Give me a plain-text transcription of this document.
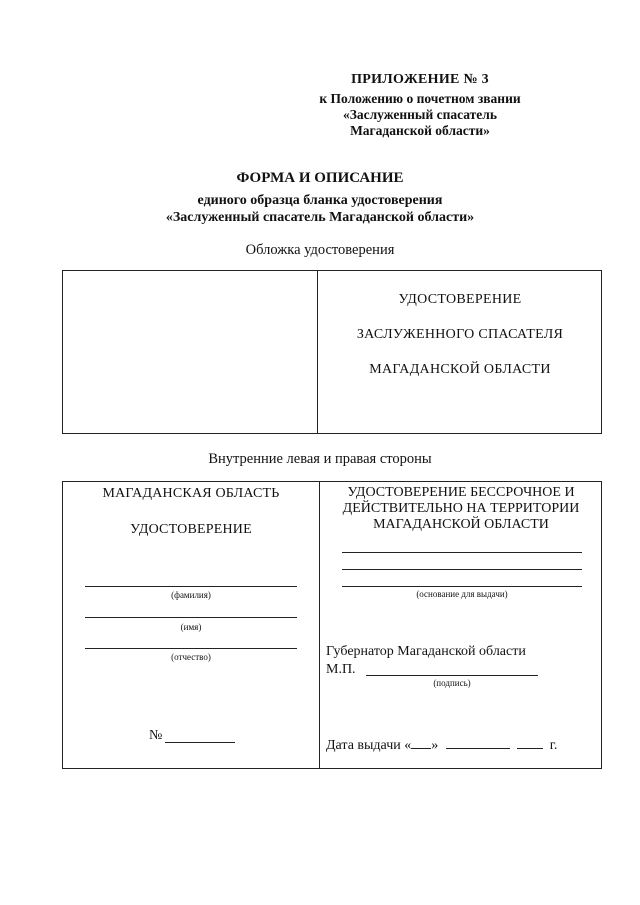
ПРИЛОЖЕНИЕ № 3
к Положению о почетном звании
«Заслуженный спасатель
Магаданской области»
ФОРМА И ОПИСАНИЕ
единого образца бланка удостоверения
«Заслуженный спасатель Магаданской области»
Обложка удостоверения
УДОСТОВЕРЕНИЕ
ЗАСЛУЖЕННОГО СПАСАТЕЛЯ
МАГАДАНСКОЙ ОБЛАСТИ
Внутренние левая и правая стороны
МАГАДАНСКАЯ ОБЛАСТЬ
УДОСТОВЕРЕНИЕ
(фамилия)
(имя)
(отчество)
№
УДОСТОВЕРЕНИЕ БЕССРОЧНОЕ И
ДЕЙСТВИТЕЛЬНО НА ТЕРРИТОРИИ
МАГАДАНСКОЙ ОБЛАСТИ
(основание для выдачи)
Губернатор Магаданской области
М.П.
(подпись)
Дата выдачи « »	г.
